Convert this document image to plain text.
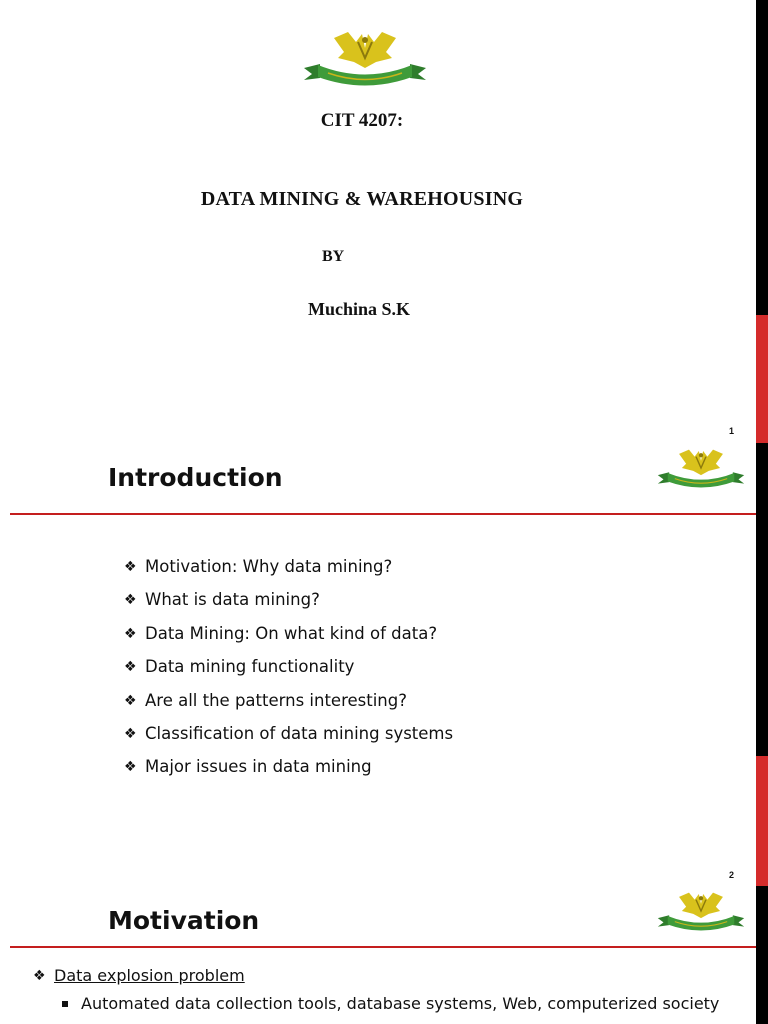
CIT 4207:
DATA MINING & WAREHOUSING
BY
Muchina S.K
1
Introduction
❖ Motivation: Why data mining?
❖ What is data mining?
❖ Data Mining: On what kind of data?
❖ Data mining functionality
❖ Are all the patterns interesting?
❖ Classification of data mining systems
❖ Major issues in data mining
2
Motivation
❖ Data explosion problem
Automated data collection tools, database systems, Web, computerized society
